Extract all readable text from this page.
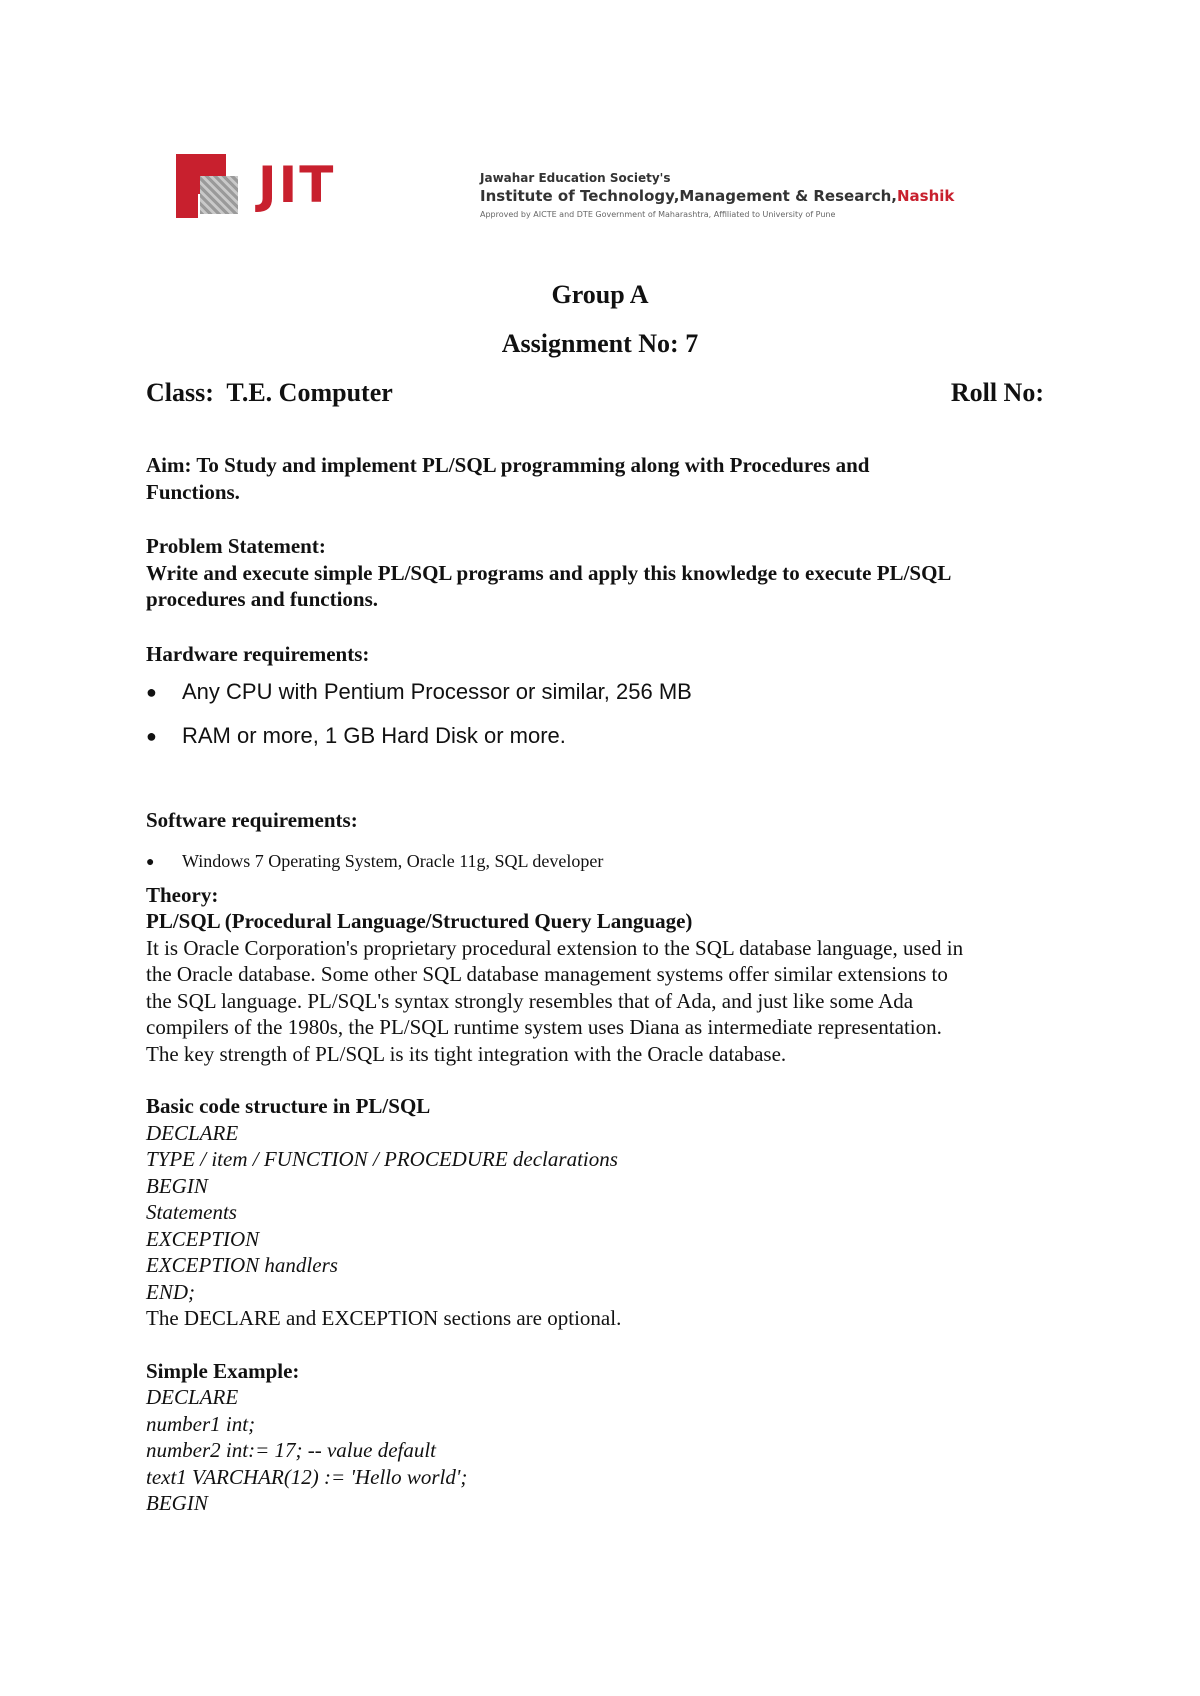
JIT	Jawahar Education Society's
Institute of Technology,Management & Research,Nashik
Approved by AICTE and DTE Government of Maharashtra, Affiliated to University of Pune
Group A
Assignment No: 7
Class:  T.E. Computer	Roll No:

Aim: To Study and implement PL/SQL programming along with Procedures and

Functions.

Problem Statement:

Write and execute simple PL/SQL programs and apply this knowledge to execute PL/SQL

procedures and functions.

Hardware requirements:

● Any CPU with Pentium Processor or similar, 256 MB
● RAM or more, 1 GB Hard Disk or more.

Software requirements:

● Windows 7 Operating System, Oracle 11g, SQL developer

Theory:

PL/SQL (Procedural Language/Structured Query Language)

It is Oracle Corporation's proprietary procedural extension to the SQL database language, used in

the Oracle database. Some other SQL database management systems offer similar extensions to

the SQL language. PL/SQL's syntax strongly resembles that of Ada, and just like some Ada

compilers of the 1980s, the PL/SQL runtime system uses Diana as intermediate representation.

The key strength of PL/SQL is its tight integration with the Oracle database.

Basic code structure in PL/SQL

DECLARE

TYPE / item / FUNCTION / PROCEDURE declarations

BEGIN

Statements

EXCEPTION

EXCEPTION handlers

END;

The DECLARE and EXCEPTION sections are optional.

Simple Example:

DECLARE

number1 int;

number2 int:= 17; -- value default

text1 VARCHAR(12) := 'Hello world';

BEGIN
